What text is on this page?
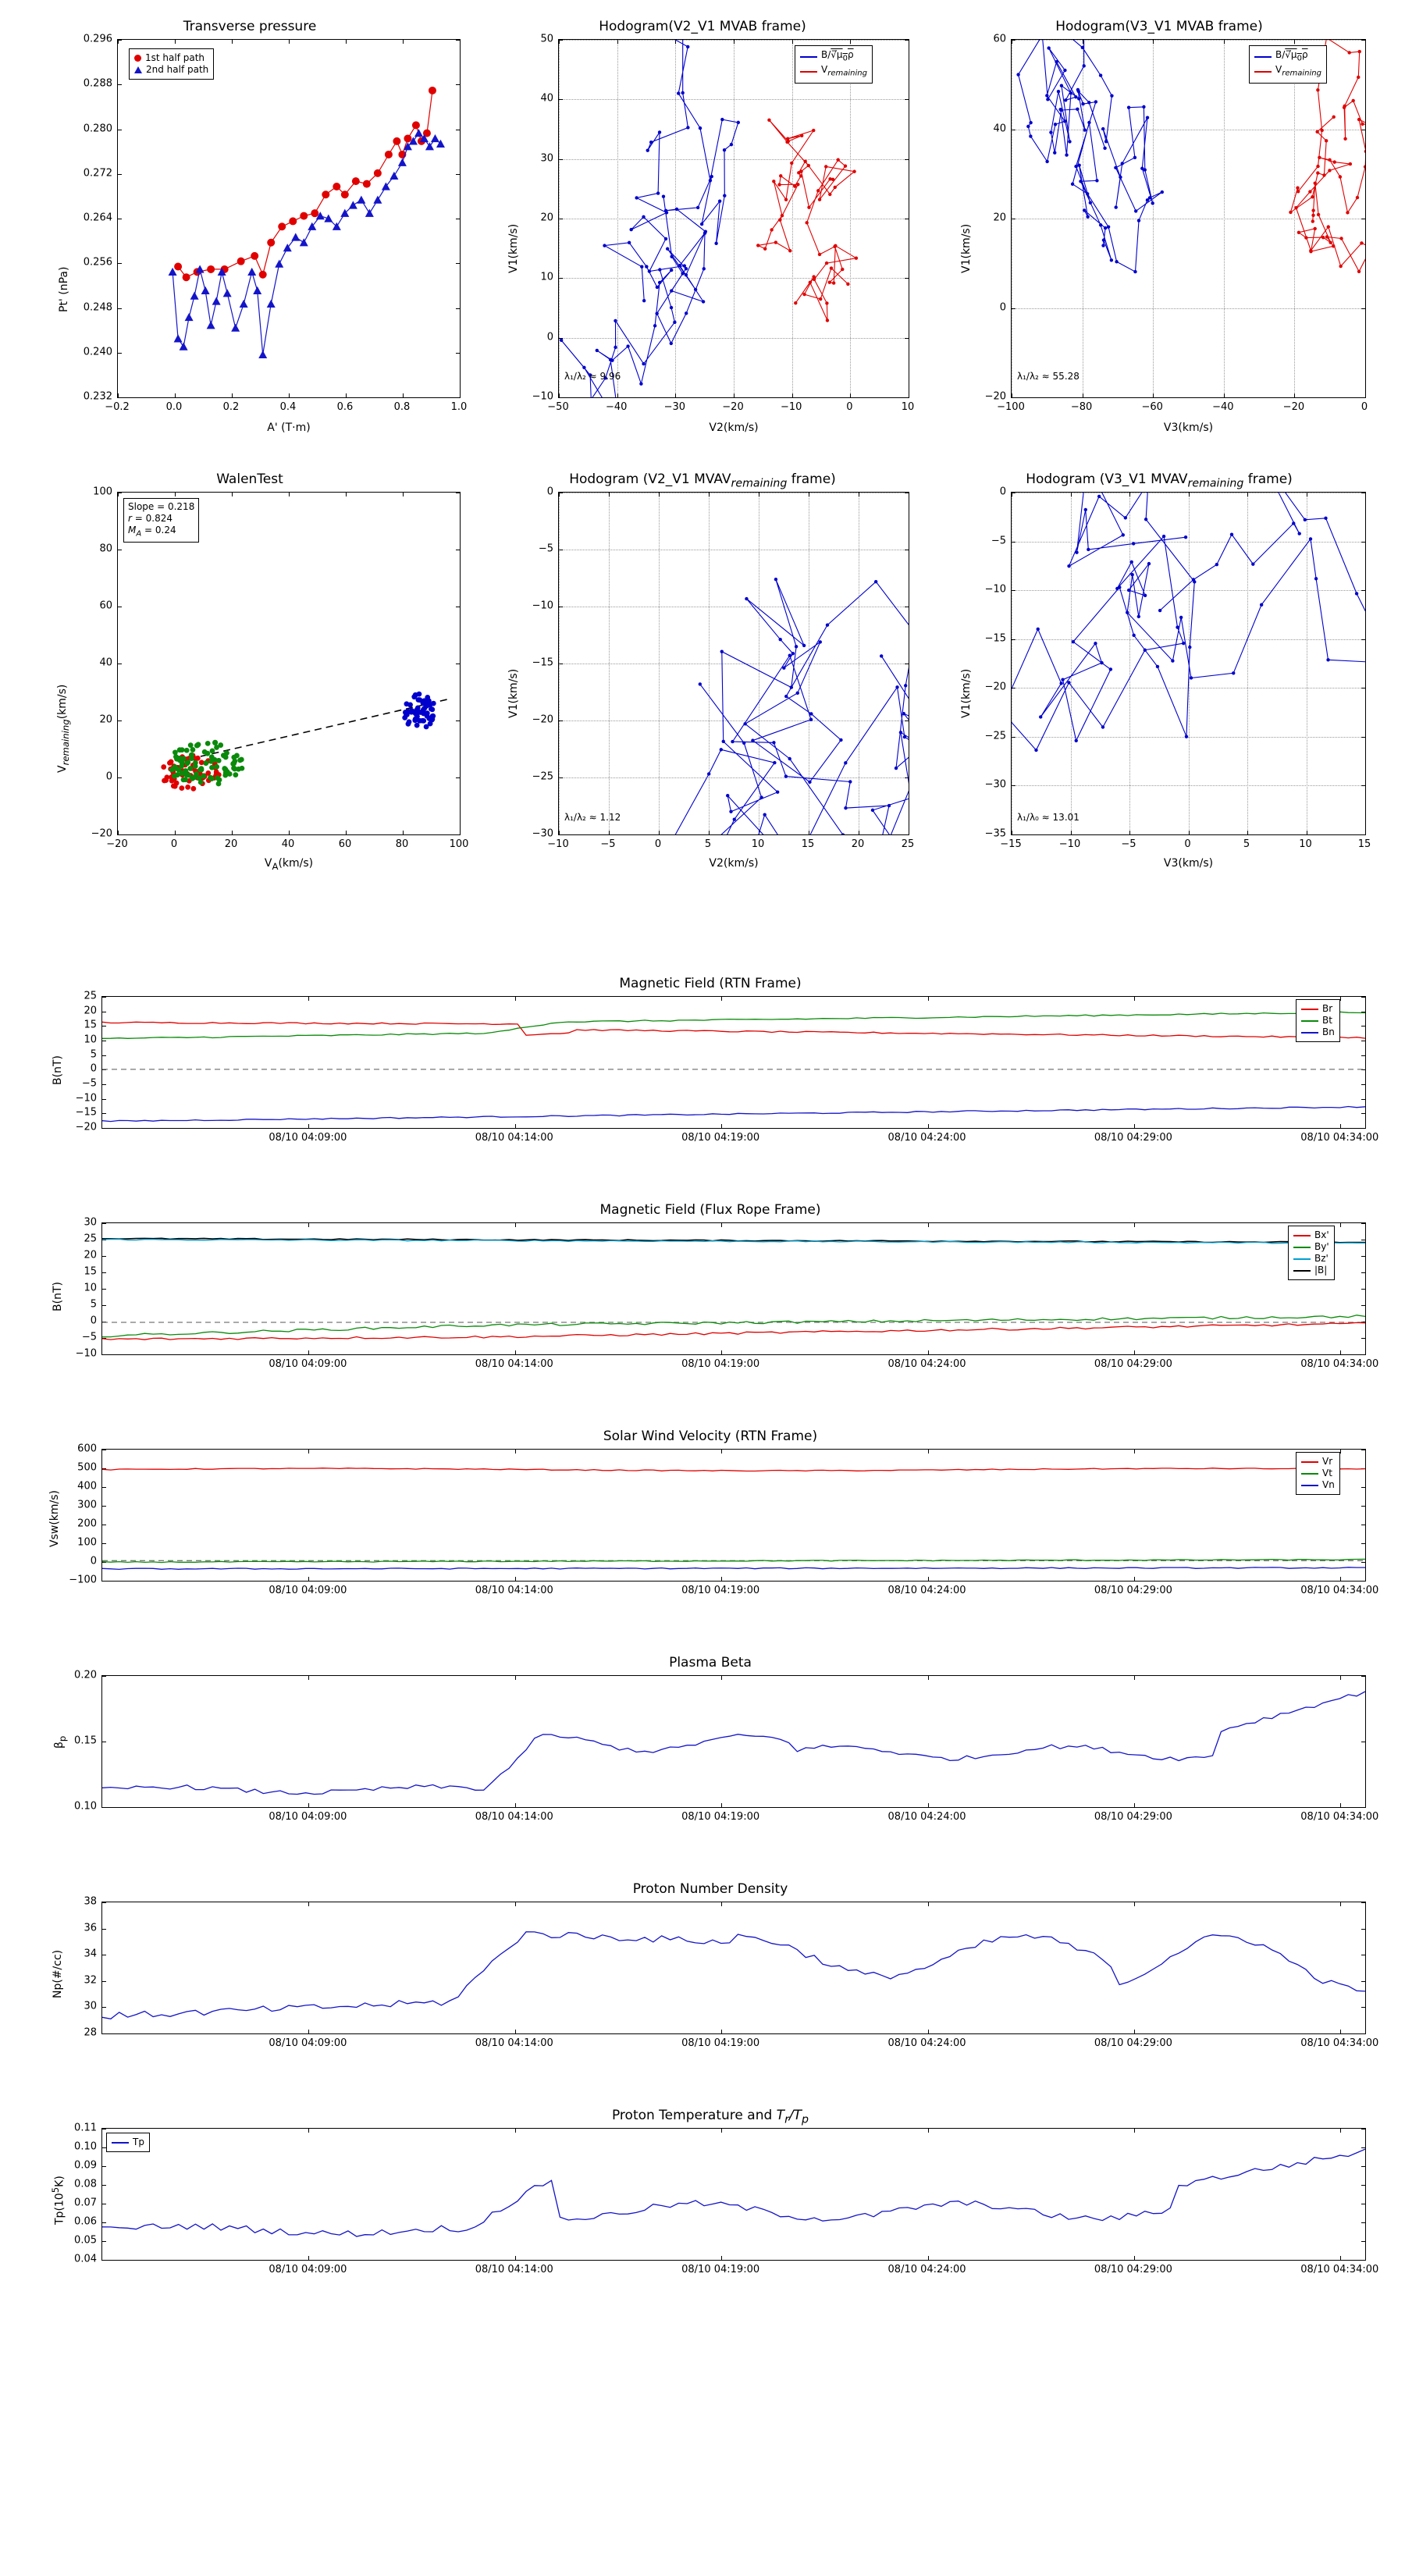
Transverse pressure
Pt' (nPa)
A' (T·m)
1st half path
2nd half path
−0.2	0.0	0.2	0.4	0.6	0.8	1.0
0.232
0.240
0.248
0.256
0.264
0.272
0.280
0.288
0.296
Hodogram(V2_V1 MVAB frame)
V1(km/s)
V2(km/s)
$B/√̅\mu_0\rho$
$V_{remaining}$
λ₁/λ₂ ≈ 9.96
−50	−40	−30	−20	−10	0	10
−10
0
10
20
30
40
50
Hodogram(V3_V1 MVAB frame)
V1(km/s)
V3(km/s)
$B/√̅\mu_0\rho$
$V_{remaining}$
λ₁/λ₂ ≈ 55.28
−100	−80	−60	−40	−20	0
−20
0
20
40
60
WalenTest
$V_{remaining}(km/s)$
$V_A(km/s)$
Slope = 0.218
r = 0.824
$M_A = 0.24$
−20	0	20	40	60	80	100
−20
0
20
40
60
80
100
Hodogram (V2_V1 $MVAV_{remaining}$ frame)
V1(km/s)
V2(km/s)
λ₁/λ₂ ≈ 1.12
−10	−5	0	5	10	15	20	25
−30
−25
−20
−15
−10
−5
0
Hodogram (V3_V1 $MVAV_{remaining}$ frame)
V1(km/s)
V3(km/s)
λ₁/λ₀ ≈ 13.01
−15	−10	−5	0	5	10	15
−35
−30
−25
−20
−15
−10
−5
0
Magnetic Field (RTN Frame)
B(nT)
Br
Bt
Bn
08/10 04:09:00	08/10 04:14:00	08/10 04:19:00	08/10 04:24:00	08/10 04:29:00	08/10 04:34:00
−20
−15
−10
−5
0
5
10
15
20
25
Magnetic Field (Flux Rope Frame)
B(nT)
Bx'
By'
Bz'
|B|
08/10 04:09:00	08/10 04:14:00	08/10 04:19:00	08/10 04:24:00	08/10 04:29:00	08/10 04:34:00
−10
−5
0
5
10
15
20
25
30
Solar Wind Velocity (RTN Frame)
Vsw(km/s)
Vr
Vt
Vn
08/10 04:09:00	08/10 04:14:00	08/10 04:19:00	08/10 04:24:00	08/10 04:29:00	08/10 04:34:00
−100
0
100
200
300
400
500
600
Plasma Beta
$\beta_p$
08/10 04:09:00	08/10 04:14:00	08/10 04:19:00	08/10 04:24:00	08/10 04:29:00	08/10 04:34:00
0.10
0.15
0.20
Proton Number Density
Np(#/cc)
08/10 04:09:00	08/10 04:14:00	08/10 04:19:00	08/10 04:24:00	08/10 04:29:00	08/10 04:34:00
28
30
32
34
36
38
Proton Temperature and $T_r/T_p$
$Tp(10^5K)$
Tp
08/10 04:09:00	08/10 04:14:00	08/10 04:19:00	08/10 04:24:00	08/10 04:29:00	08/10 04:34:00
0.04
0.05
0.06
0.07
0.08
0.09
0.10
0.11
